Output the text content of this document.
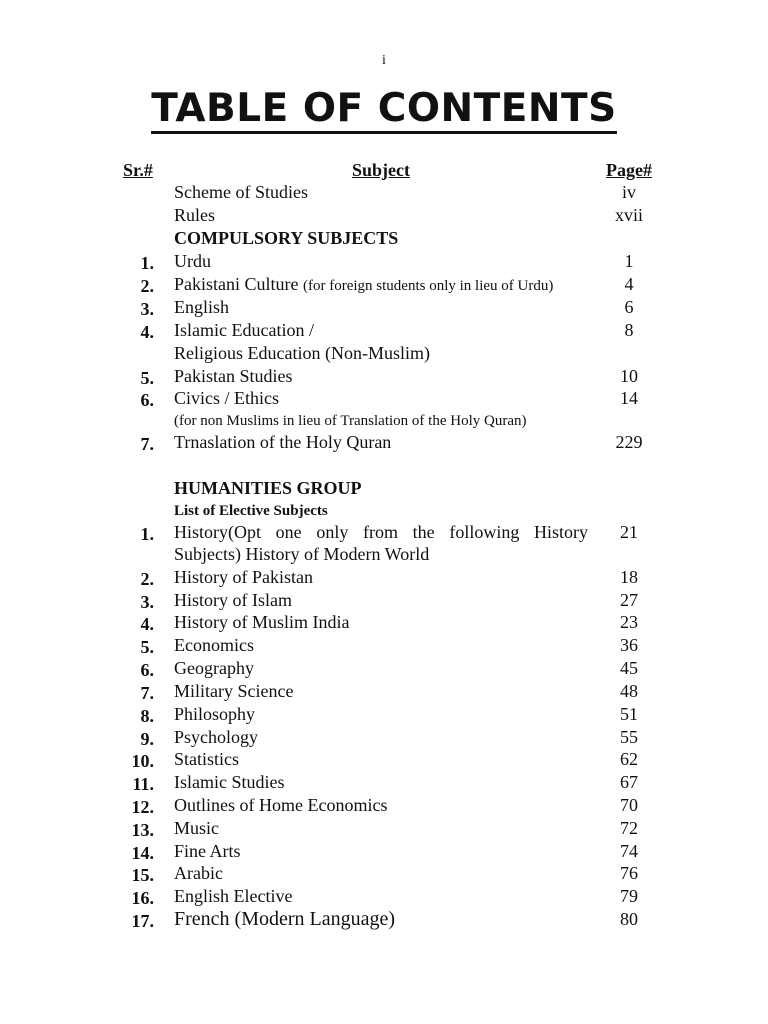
i
TABLE OF CONTENTS
Sr.#	Subject	Page#
Scheme of Studies	iv
Rules	xvii
COMPULSORY SUBJECTS
1. Urdu	1
2. Pakistani Culture (for foreign students only in lieu of Urdu)	4
3. English	6
4. Islamic Education /	8
Religious Education (Non-Muslim)
5. Pakistan Studies	10
6. Civics / Ethics	14
(for non Muslims in lieu of Translation of the Holy Quran)
7. Trnaslation of the Holy Quran	229
HUMANITIES GROUP
List of Elective Subjects
1. History(Opt one only from the following History	21
Subjects) History of Modern World
2. History of Pakistan	18
3. History of Islam	27
4. History of Muslim India	23
5. Economics	36
6. Geography	45
7. Military Science	48
8. Philosophy	51
9. Psychology	55
10. Statistics	62
11. Islamic Studies	67
12. Outlines of Home Economics	70
13. Music	72
14. Fine Arts	74
15. Arabic	76
16. English Elective	79
17. French (Modern Language)	80
